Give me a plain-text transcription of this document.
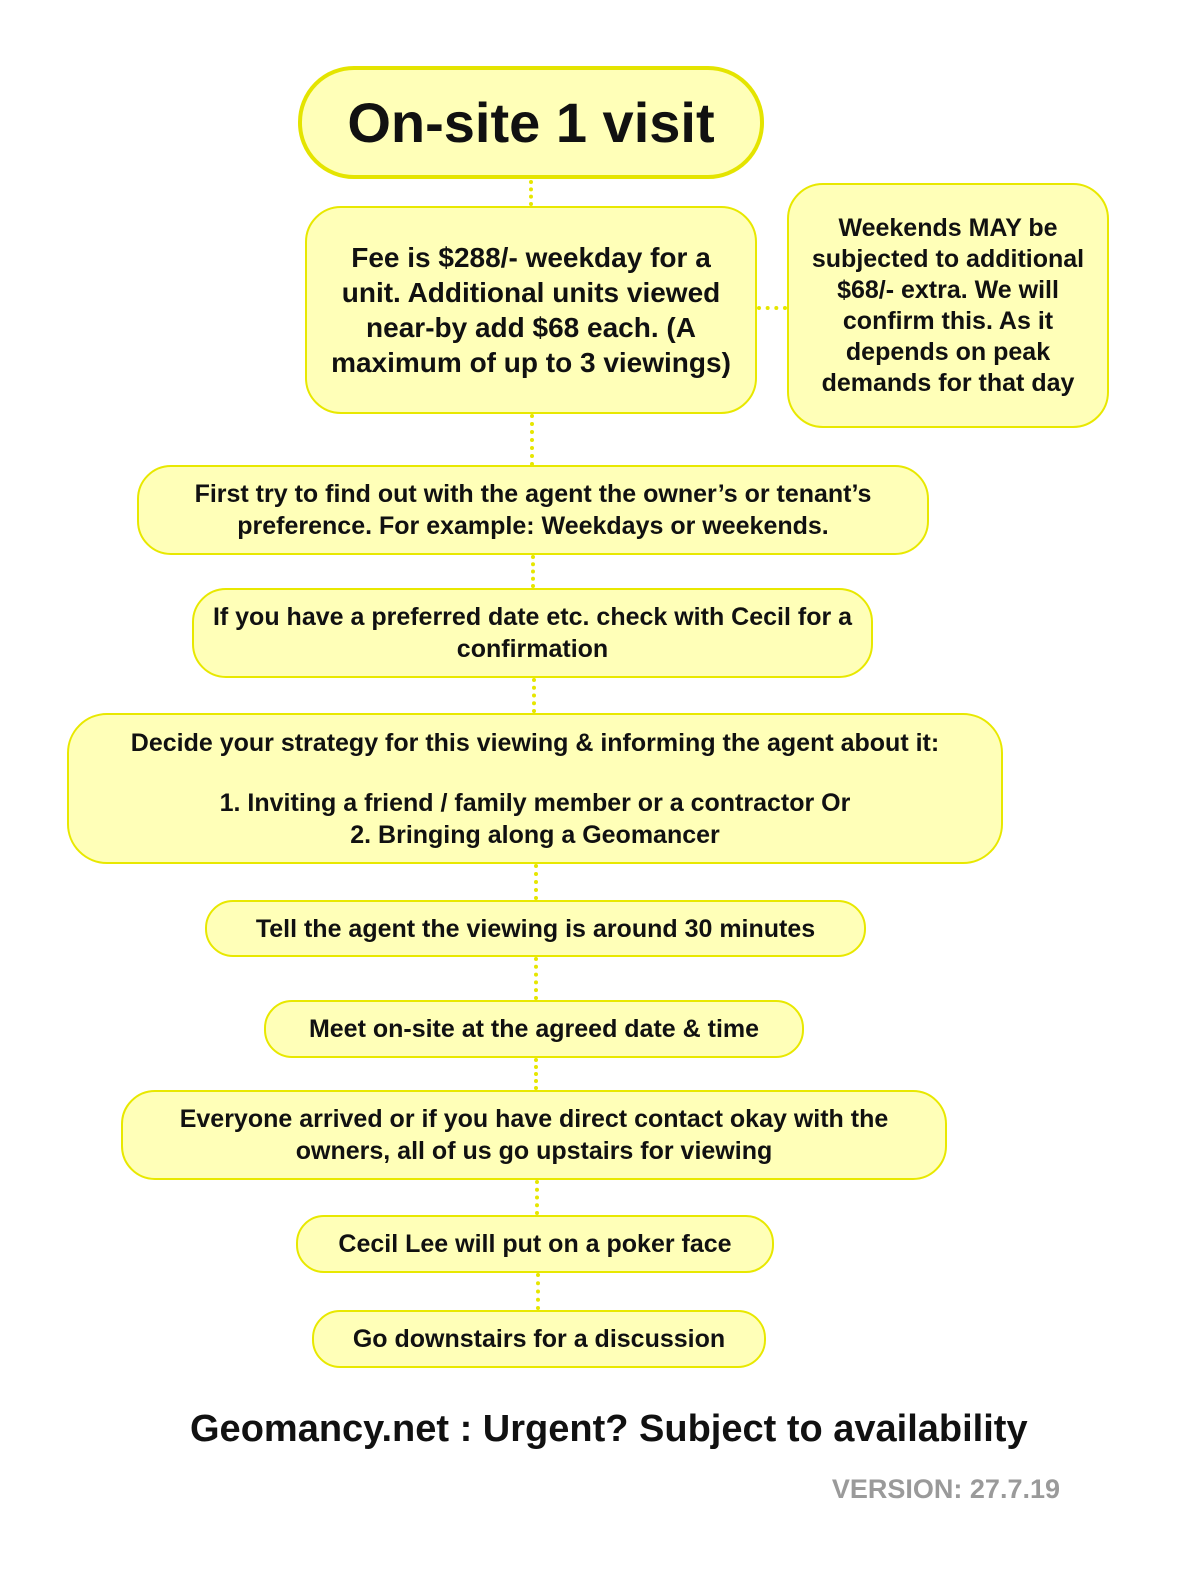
On-site 1 visit
Fee is $288/- weekday for a unit. Additional units viewed near-by add $68 each. (A maximum of up to 3 viewings)
Weekends MAY be subjected to additional $68/- extra. We will confirm this. As it depends on peak demands for that day
First try to find out with the agent the owner’s or tenant’s preference. For example: Weekdays or weekends.
If you have a preferred date etc. check with Cecil for a confirmation
Decide your strategy for this viewing & informing the agent about it:
1. Inviting a friend / family member or a contractor Or
2. Bringing along a Geomancer
Tell the agent the viewing is around 30 minutes
Meet on-site at the agreed date & time
Everyone arrived or if you have direct contact okay with the owners, all of us go upstairs for viewing
Cecil Lee will put on a poker face
Go downstairs for a discussion
Geomancy.net : Urgent? Subject to availability
VERSION: 27.7.19
